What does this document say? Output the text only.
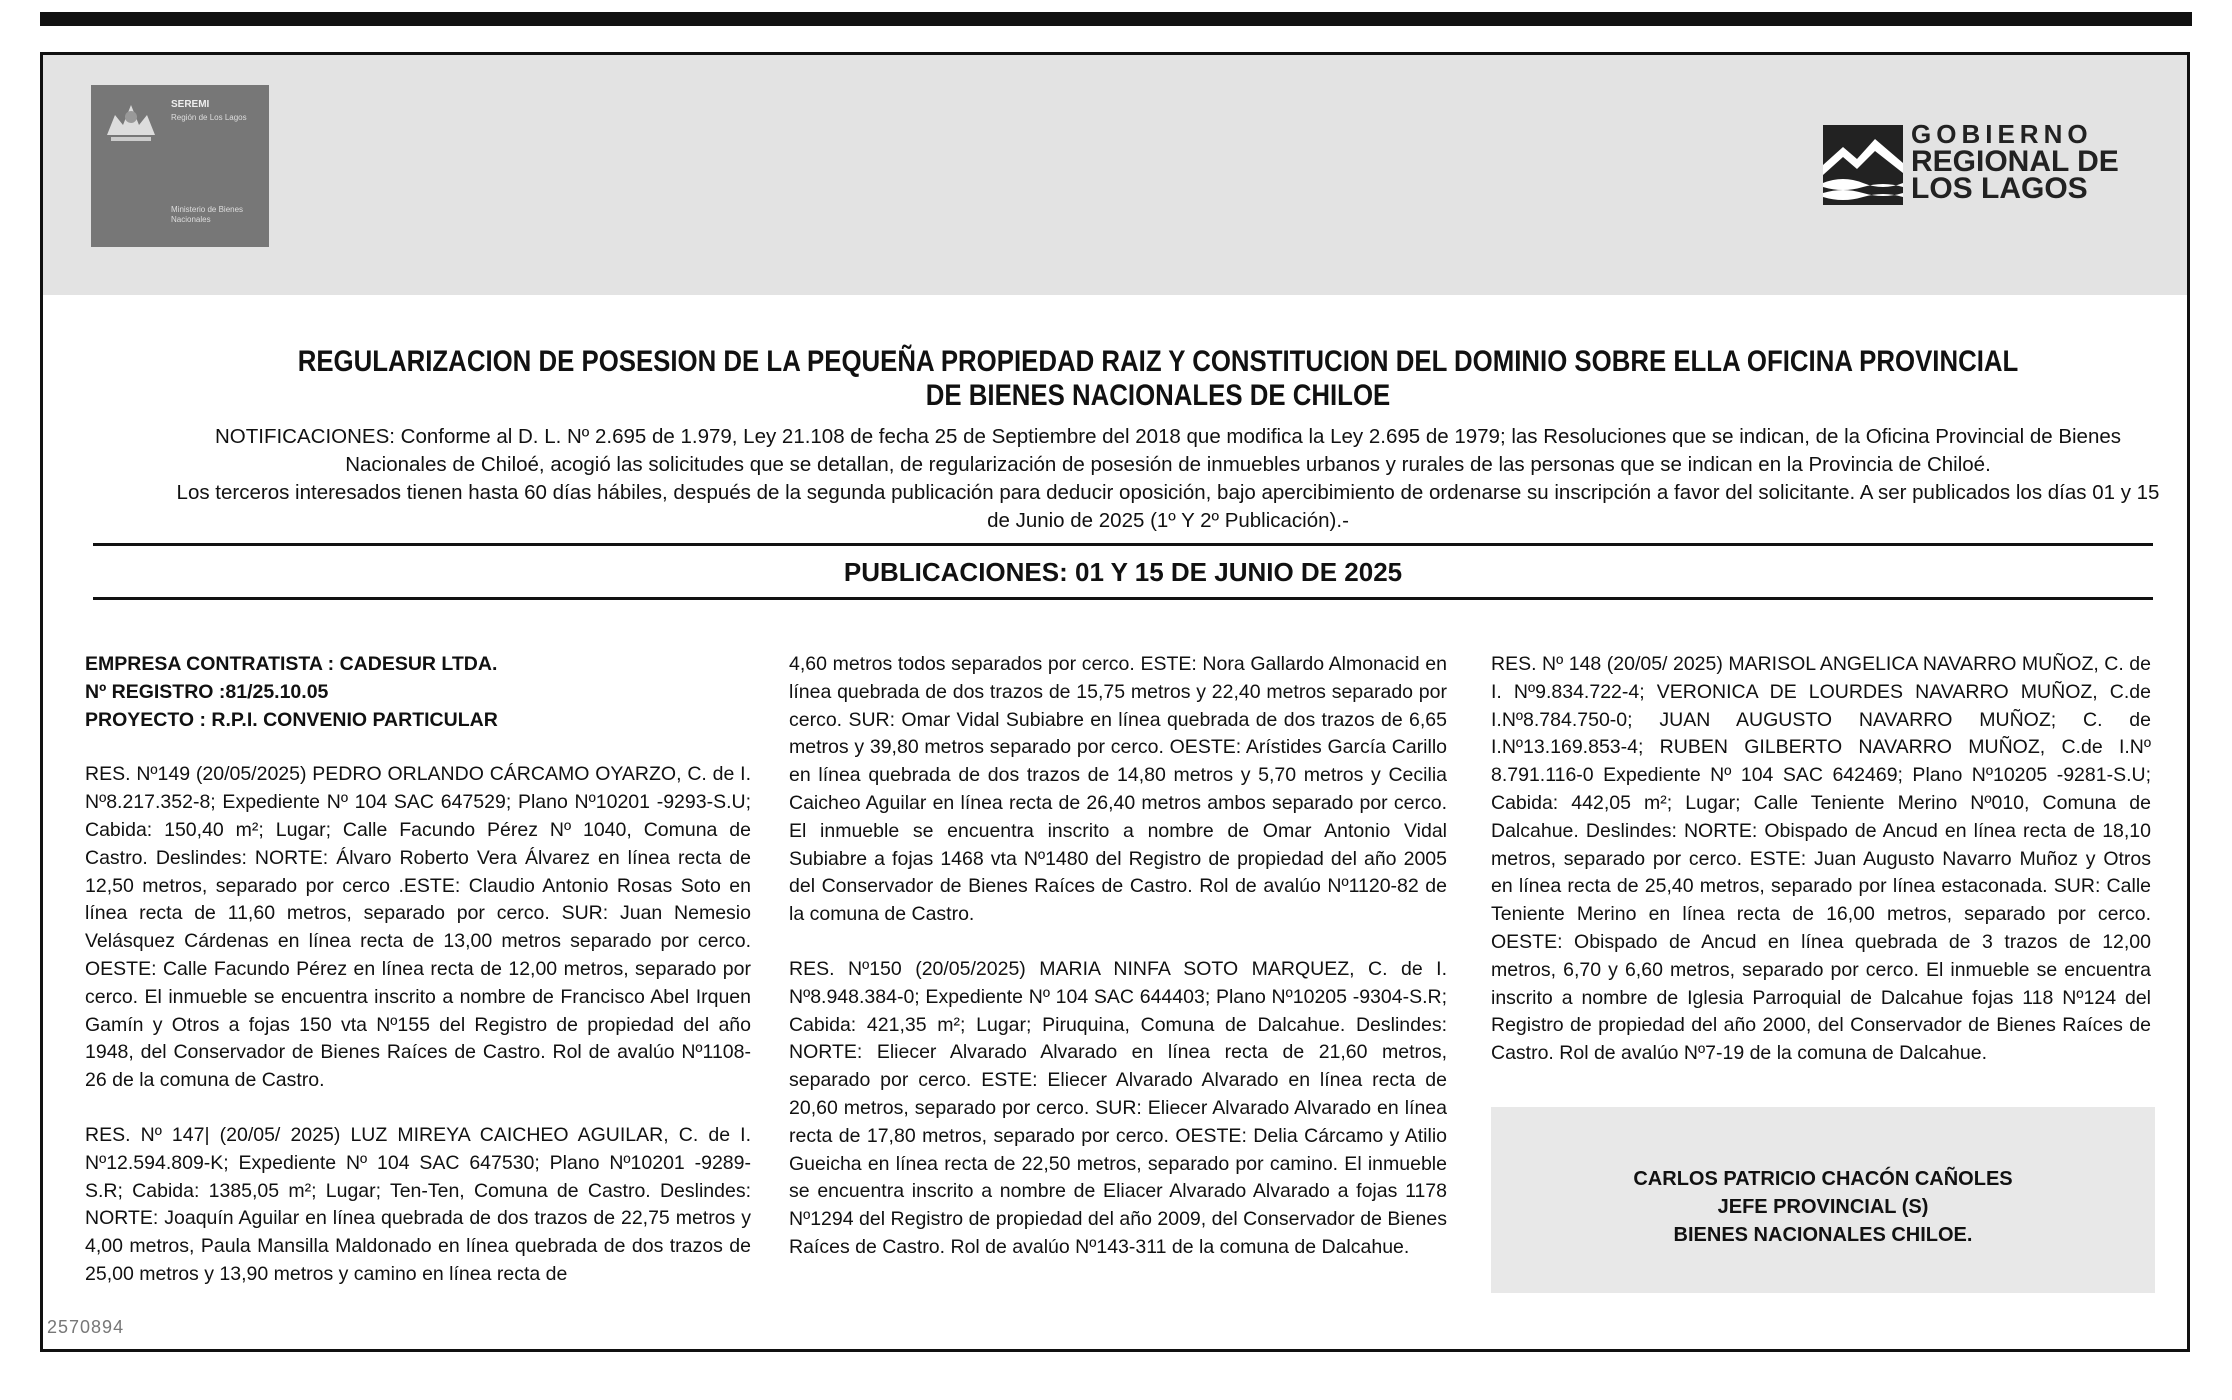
SEREMI
Región de Los Lagos
Ministerio de Bienes Nacionales
GOBIERNO
REGIONAL DE
LOS LAGOS
REGULARIZACION DE POSESION DE LA PEQUEÑA PROPIEDAD RAIZ Y CONSTITUCION DEL DOMINIO SOBRE ELLA OFICINA PROVINCIAL
DE BIENES NACIONALES DE CHILOE

NOTIFICACIONES: Conforme al D. L. Nº 2.695 de 1.979, Ley 21.108 de fecha 25 de Septiembre del 2018 que modifica la Ley 2.695 de 1979; las Resoluciones que se indican, de la Oficina Provincial de Bienes Nacionales de Chiloé, acogió las solicitudes que se detallan, de regularización de posesión de inmuebles urbanos y rurales de las personas que se indican en la Provincia de Chiloé.

Los terceros interesados tienen hasta 60 días hábiles, después de la segunda publicación para deducir oposición, bajo apercibimiento de ordenarse su inscripción a favor del solicitante. A ser publicados los días 01 y 15 de Junio de 2025 (1º Y 2º Publicación).-

PUBLICACIONES: 01 Y 15 DE JUNIO DE 2025
EMPRESA CONTRATISTA : CADESUR LTDA.
Nº REGISTRO :81/25.10.05
PROYECTO : R.P.I. CONVENIO PARTICULAR

RES. Nº149 (20/05/2025) PEDRO ORLANDO CÁRCAMO OYARZO, C. de I. Nº8.217.352-8; Expediente Nº 104 SAC 647529; Plano Nº10201 -9293-S.U; Cabida: 150,40 m²; Lugar; Calle Facundo Pérez Nº 1040, Comuna de Castro. Deslindes: NORTE: Álvaro Roberto Vera Álvarez en línea recta de 12,50 metros, separado por cerco .ESTE: Claudio Antonio Rosas Soto en línea recta de 11,60 metros, separado por cerco. SUR: Juan Nemesio Velásquez Cárdenas en línea recta de 13,00 metros separado por cerco. OESTE: Calle Facundo Pérez en línea recta de 12,00 metros, separado por cerco. El inmueble se encuentra inscrito a nombre de Francisco Abel Irquen Gamín y Otros a fojas 150 vta Nº155 del Registro de propiedad del año 1948, del Conservador de Bienes Raíces de Castro. Rol de avalúo Nº1108- 26 de la comuna de Castro.

RES. Nº 147| (20/05/ 2025) LUZ MIREYA CAICHEO AGUILAR, C. de I. Nº12.594.809-K; Expediente Nº 104 SAC 647530; Plano Nº10201 -9289-S.R; Cabida: 1385,05 m²; Lugar; Ten-Ten, Comuna de Castro. Deslindes: NORTE: Joaquín Aguilar en línea quebrada de dos trazos de 22,75 metros y 4,00 metros, Paula Mansilla Maldonado en línea quebrada de dos trazos de 25,00 metros y 13,90 metros y camino en línea recta de

4,60 metros todos separados por cerco. ESTE: Nora Gallardo Almonacid en línea quebrada de dos trazos de 15,75 metros y 22,40 metros separado por cerco. SUR: Omar Vidal Subiabre en línea quebrada de dos trazos de 6,65 metros y 39,80 metros separado por cerco. OESTE: Arístides García Carillo en línea quebrada de dos trazos de 14,80 metros y 5,70 metros y Cecilia Caicheo Aguilar en línea recta de 26,40 metros ambos separado por cerco. El inmueble se encuentra inscrito a nombre de Omar Antonio Vidal Subiabre a fojas 1468 vta Nº1480 del Registro de propiedad del año 2005 del Conservador de Bienes Raíces de Castro. Rol de avalúo Nº1120-82 de la comuna de Castro.

RES. Nº150 (20/05/2025) MARIA NINFA SOTO MARQUEZ, C. de I. Nº8.948.384-0; Expediente Nº 104 SAC 644403; Plano Nº10205 -9304-S.R; Cabida: 421,35 m²; Lugar; Piruquina, Comuna de Dalcahue. Deslindes: NORTE: Eliecer Alvarado Alvarado en línea recta de 21,60 metros, separado por cerco. ESTE: Eliecer Alvarado Alvarado en línea recta de 20,60 metros, separado por cerco. SUR: Eliecer Alvarado Alvarado en línea recta de 17,80 metros, separado por cerco. OESTE: Delia Cárcamo y Atilio Gueicha en línea recta de 22,50 metros, separado por camino. El inmueble se encuentra inscrito a nombre de Eliacer Alvarado Alvarado a fojas 1178 Nº1294 del Registro de propiedad del año 2009, del Conservador de Bienes Raíces de Castro. Rol de avalúo Nº143-311 de la comuna de Dalcahue.

RES. Nº 148 (20/05/ 2025) MARISOL ANGELICA NAVARRO MUÑOZ, C. de I. Nº9.834.722-4; VERONICA DE LOURDES NAVARRO MUÑOZ, C.de I.Nº8.784.750-0; JUAN AUGUSTO NAVARRO MUÑOZ; C. de I.Nº13.169.853-4; RUBEN GILBERTO NAVARRO MUÑOZ, C.de I.Nº 8.791.116-0 Expediente Nº 104 SAC 642469; Plano Nº10205 -9281-S.U; Cabida: 442,05 m²; Lugar; Calle Teniente Merino Nº010, Comuna de Dalcahue. Deslindes: NORTE: Obispado de Ancud en línea recta de 18,10 metros, separado por cerco. ESTE: Juan Augusto Navarro Muñoz y Otros en línea recta de 25,40 metros, separado por línea estaconada. SUR: Calle Teniente Merino en línea recta de 16,00 metros, separado por cerco. OESTE: Obispado de Ancud en línea quebrada de 3 trazos de 12,00 metros, 6,70 y 6,60 metros, separado por cerco. El inmueble se encuentra inscrito a nombre de Iglesia Parroquial de Dalcahue fojas 118 Nº124 del Registro de propiedad del año 2000, del Conservador de Bienes Raíces de Castro. Rol de avalúo Nº7-19 de la comuna de Dalcahue.

CARLOS PATRICIO CHACÓN CAÑOLES
JEFE PROVINCIAL (S)
BIENES NACIONALES CHILOE.
2570894
